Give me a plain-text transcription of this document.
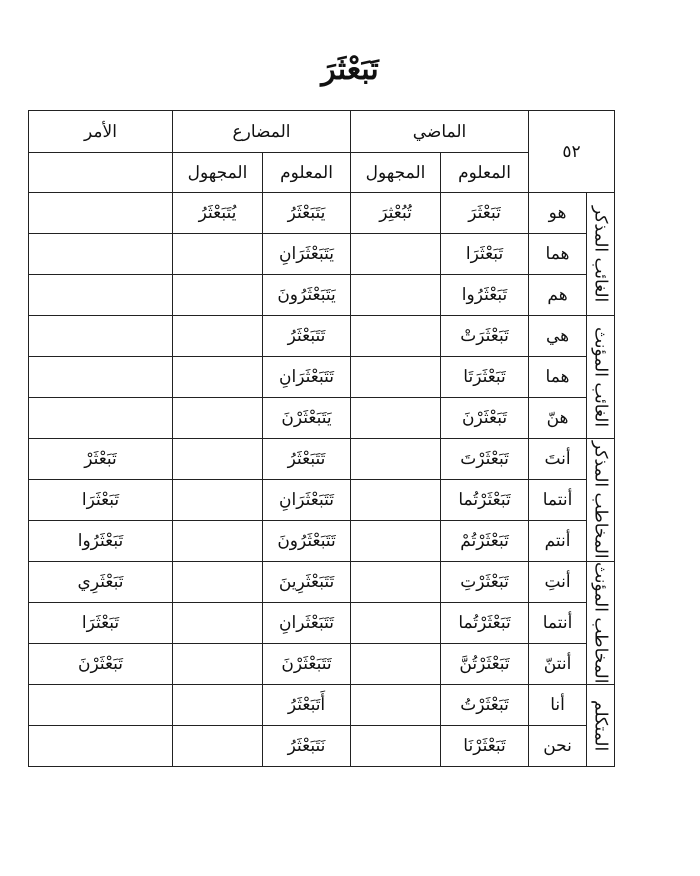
تَبَعْثَرَ
٥٢		الماضي		المضارع		الأمر
		المعلوم	المجهول	المعلوم	المجهول	
الغائب المذكر	هو	تَبَعْثَرَ	تُبُعْثِرَ	يَتَبَعْثَرُ	يُتَبَعْثَرُ	
	هما	تَبَعْثَرَا		يَتَبَعْثَرَانِ		
	هم	تَبَعْثَرُوا		يَتَبَعْثَرُونَ		
الغائب المؤنث	هي	تَبَعْثَرَتْ		تَتَبَعْثَرُ		
	هما	تَبَعْثَرَتَا		تَتَبَعْثَرَانِ		
	هنّ	تَبَعْثَرْنَ		يَتَبَعْثَرْنَ		
المخاطب المذكر	أنتَ	تَبَعْثَرْتَ		تَتَبَعْثَرُ		تَبَعْثَرْ
	أنتما	تَبَعْثَرْتُما		تَتَبَعْثَرَانِ		تَبَعْثَرَا
	أنتم	تَبَعْثَرْتُمْ		تَتَبَعْثَرُونَ		تَبَعْثَرُوا
المخاطب المؤنث	أنتِ	تَبَعْثَرْتِ		تَتَبَعْثَرِينَ		تَبَعْثَرِي
	أنتما	تَبَعْثَرْتُما		تَتَبَعْثَرانِ		تَبَعْثَرَا
	أنتنّ	تَبَعْثَرْتُنَّ		تَتَبَعْثَرْنَ		تَبَعْثَرْنَ
المتكلم	أنا	تَبَعْثَرْتُ		أَتَبَعْثَرُ		
	نحن	تَبَعْثَرْنَا		نَتَبَعْثَرُ		
